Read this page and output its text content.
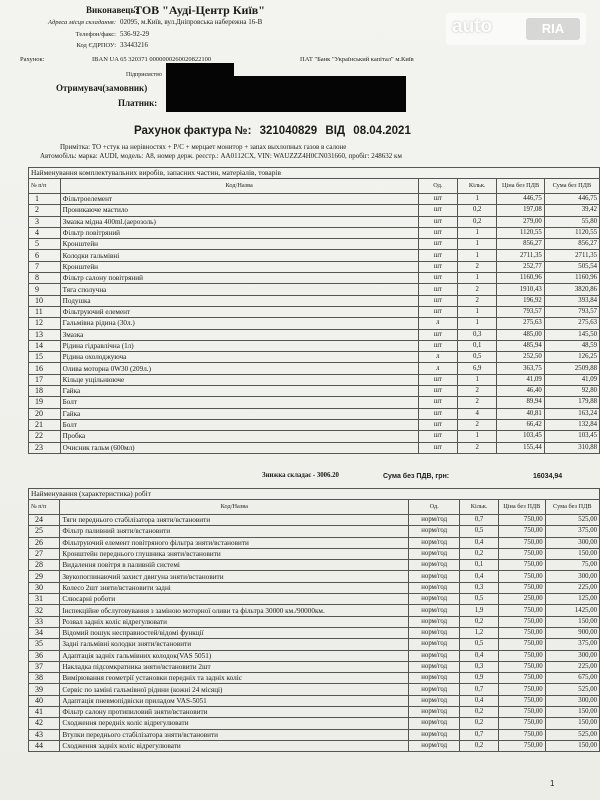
Виконавець:
ТОВ "Ауді-Центр Київ"
Адреса місця складання: 02095, м.Київ, вул.Дніпровська набережна 16-В
Телефон/факс: 536-92-29
Код ЄДРПОУ: 33443216
Рахунок:	IBAN UA 65 320371 0000000260020822100	ПАТ "Банк "Український капітал" м.Київ
Підприємство
Отримувач(замовник)
Платник:
auto	RIA
Рахунок фактура №: 321040829 ВІД 08.04.2021
Примітка: ТО +стук на нерівностях + Р/С + мерцает монитор + запах выхлопных газов в салоне
Автомобіль: марка: AUDI, модель: A8, номер держ. реєстр.: AA0112CX, VIN: WAUZZZ4H0CN031660, пробіг: 248632 км
Найменування комплектувальних виробів, запасних частин, матеріалів, товарів					
№ п/п	Код/Назва	Од.	Кільк.	Ціна без ПДВ	Сума без ПДВ
1	Фільтроелемент	шт	1	446,75	446,75
2	Проникаюче мастило	шт	0,2	197,08	39,42
3	Змазка мідна 400ml.(аерозоль)	шт	0,2	279,00	55,80
4	Фільтр повітряний	шт	1	1120,55	1120,55
5	Кронштейн	шт	1	856,27	856,27
6	Колодки гальмівні	шт	1	2711,35	2711,35
7	Кронштейн	шт	2	252,77	505,54
8	Фільтр салону повітряний	шт	1	1160,96	1160,96
9	Тяга сполучна	шт	2	1910,43	3820,86
10	Подушка	шт	2	196,92	393,84
11	Фільтруючий елемент	шт	1	793,57	793,57
12	Гальмівна рідина (30л.)	л	1	275,63	275,63
13	Змазка	шт	0,3	485,00	145,50
14	Рідина гідравлічна (1л)	шт	0,1	485,94	48,59
15	Рідина охолоджуюча	л	0,5	252,50	126,25
16	Олива моторна 0W30 (209л.)	л	6,9	363,75	2509,88
17	Кільце ущільнююче	шт	1	41,09	41,09
18	Гайка	шт	2	46,40	92,80
19	Болт	шт	2	89,94	179,88
20	Гайка	шт	4	40,81	163,24
21	Болт	шт	2	66,42	132,84
22	Пробка	шт	1	103,45	103,45
23	Очисник гальм (600мл)	шт	2	155,44	310,88
Знижка складає - 3006.20	Сума без ПДВ, грн:	16034,94
Найменування (характеристика) робіт					
№ п/п	Код/Назва	Од.	Кільк.	Ціна без ПДВ	Сума без ПДВ
24	Тяги переднього стабілізатора зняти/встановити	норм/год	0,7	750,00	525,00
25	Фільтр паливний зняти/встановити	норм/год	0,5	750,00	375,00
26	Фільтруючий елемент повітряного фільтра зняти/встановити	норм/год	0,4	750,00	300,00
27	Кронштейн переднього глушника зняти/встановити	норм/год	0,2	750,00	150,00
28	Видалення повітря в паливній системі	норм/год	0,1	750,00	75,00
29	Звукопоглинаючий захист двигуна зняти/встановити	норм/год	0,4	750,00	300,00
30	Колесо 2шт зняти/встановити задні	норм/год	0,3	750,00	225,00
31	Слюсарні роботи	норм/год	0,5	250,00	125,00
32	Інспекційне обслуговування з заміною моторної оливи та фільтра 30000 км./90000км.	норм/год	1,9	750,00	1425,00
33	Розвал задніх коліс відрегулювати	норм/год	0,2	750,00	150,00
34	Відомий пошук несправностей/відомі функції	норм/год	1,2	750,00	900,00
35	Задні гальмівні колодки зняти/встановити	норм/год	0,5	750,00	375,00
36	Адаптація задніх гальмівних колодок(VAS 5051)	норм/год	0,4	750,00	300,00
37	Накладка підсомкратника зняти/встановити 2шт	норм/год	0,3	750,00	225,00
38	Вимірювання геометрії установки передніх та задніх коліс	норм/год	0,9	750,00	675,00
39	Сервіс по заміні гальмівної рідини (кожні 24 місяці)	норм/год	0,7	750,00	525,00
40	Адаптація пневмопідвіски приладом VAS-5051	норм/год	0,4	750,00	300,00
41	Фільтр салону протипиловий зняти/встановити	норм/год	0,2	750,00	150,00
42	Сходження передніх коліс відрегулювати	норм/год	0,2	750,00	150,00
43	Втулки переднього стабілізатора зняти/встановити	норм/год	0,7	750,00	525,00
44	Сходження задніх коліс відрегулювати	норм/год	0,2	750,00	150,00
1
